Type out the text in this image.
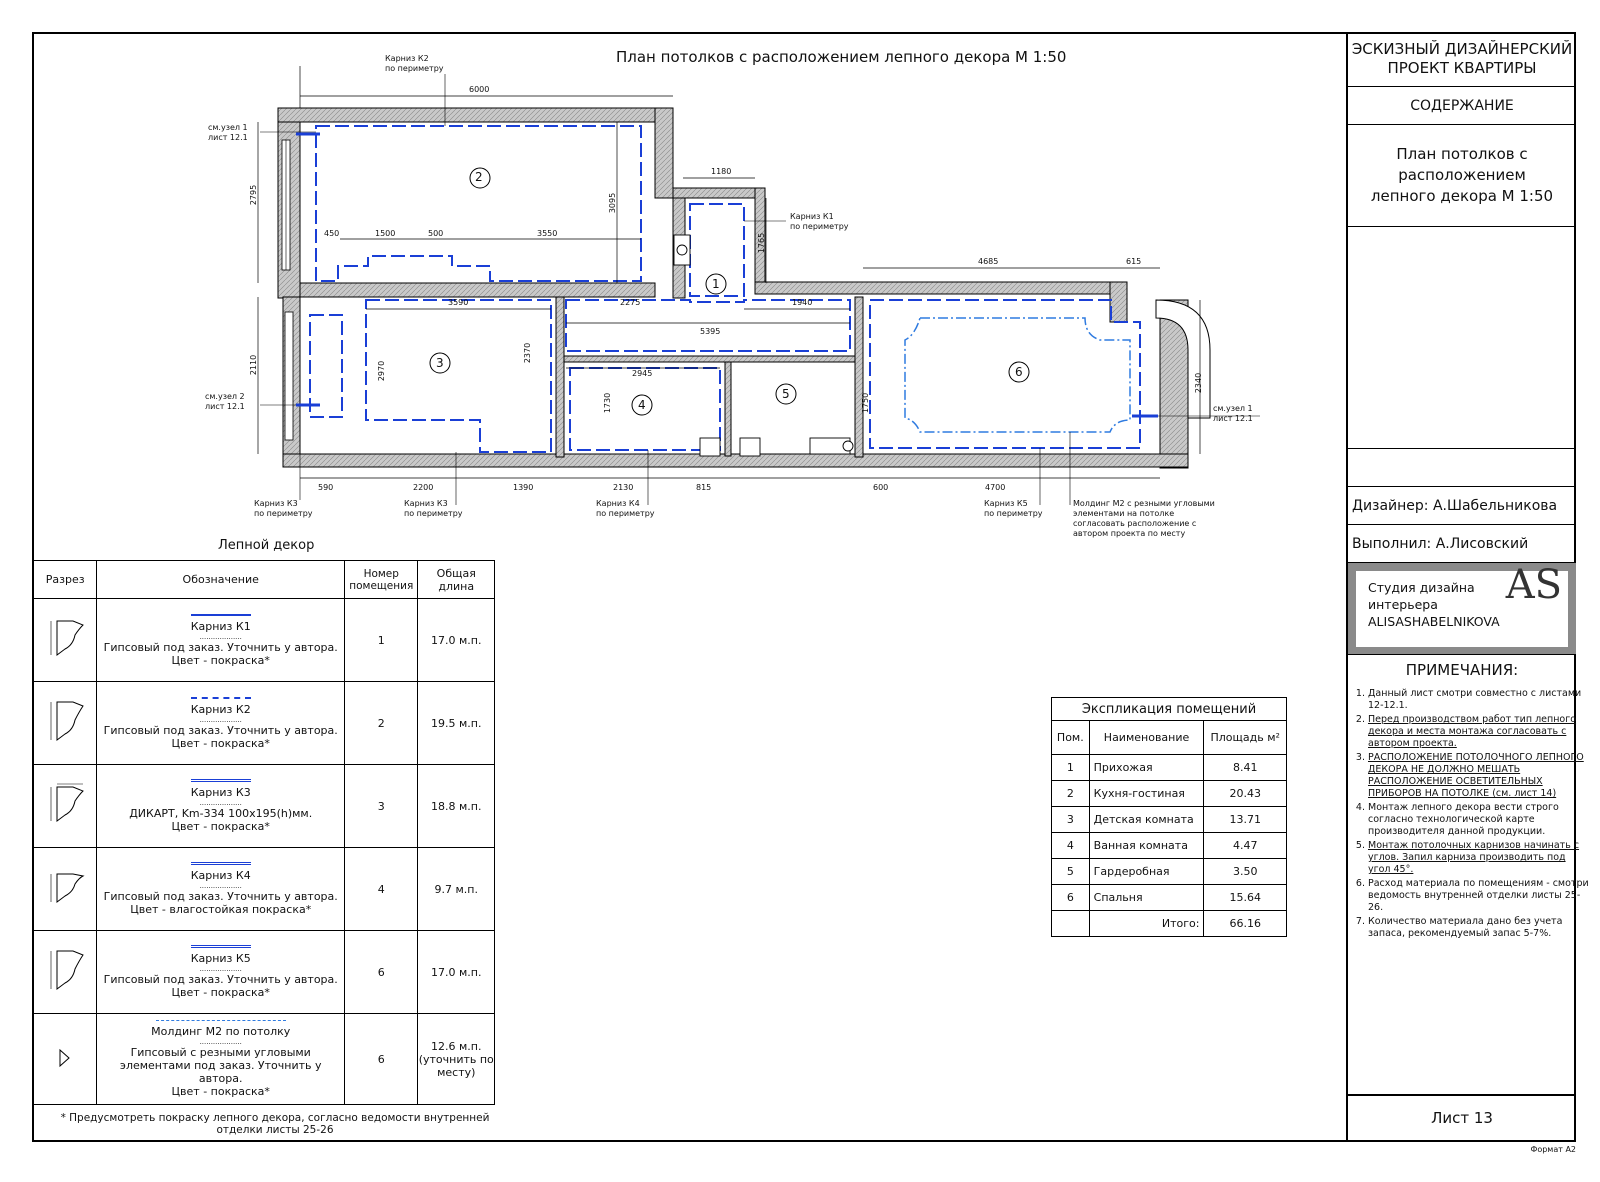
План потолков с расположением лепного декора М 1:50
2
1
3
4
5
6
6000
1180
4685	615
450	1500	500	3550
3590	2275	1940
5395
2945
2795	3095
1765
2110	2970
2370
1730	1750
2340
590	2200	1390	2130	815	600	4700
Карниз К2
по периметру
см.узел 1
лист 12.1
Карниз К1
по периметру
см.узел 2
лист 12.1	см.узел 1
лист 12.1
Карниз К3
по периметру
Карниз К3
по периметру
Карниз К4
по периметру
Карниз К5
по периметру
Молдинг М2 с резными угловыми
элементами на потолке
согласовать расположение с
автором проекта по месту
Лепной декор
Разрез	Обозначение	Номер помещения	Общая длина

Карниз К1
...................
Гипсовый под заказ. Уточнить у автора.
Цвет - покраска*	1	17.0 м.п.

Карниз К2
...................
Гипсовый под заказ. Уточнить у автора.
Цвет - покраска*	2	19.5 м.п.

Карниз К3
...................
ДИКАРТ, Km-334 100x195(h)мм.
Цвет - покраска*	3	18.8 м.п.

Карниз К4
...................
Гипсовый под заказ. Уточнить у автора.
Цвет - влагостойкая покраска*	4	9.7 м.п.

Карниз К5
...................
Гипсовый под заказ. Уточнить у автора.
Цвет - покраска*	6	17.0 м.п.

Молдинг М2 по потолку
...................
Гипсовый с резными угловыми элементами под заказ. Уточнить у автора.
Цвет - покраска*	6	12.6 м.п. (уточнить по месту)
* Предусмотреть покраску лепного декора, согласно ведомости внутренней отделки листы 25-26
Экспликация помещений		
Пом.	Наименование	Площадь м²
1	Прихожая	8.41
2	Кухня-гостиная	20.43
3	Детская комната	13.71
4	Ванная комната	4.47
5	Гардеробная	3.50
6	Спальня	15.64
	Итого:	66.16
ЭСКИЗНЫЙ ДИЗАЙНЕРСКИЙ ПРОЕКТ КВАРТИРЫ
СОДЕРЖАНИЕ
План потолков с расположением лепного декора М 1:50
Дизайнер: А.Шабельникова
Выполнил: А.Лисовский
Студия дизайна
интерьера
ALISASHABELNIKOVA
AS
ПРИМЕЧАНИЯ:
Лист 13
1. Данный лист смотри совместно с листами 12-12.1.
2. Перед производством работ тип лепного декора и места монтажа согласовать с автором проекта.
3. РАСПОЛОЖЕНИЕ ПОТОЛОЧНОГО ЛЕПНОГО ДЕКОРА НЕ ДОЛЖНО МЕШАТЬ РАСПОЛОЖЕНИЕ ОСВЕТИТЕЛЬНЫХ ПРИБОРОВ НА ПОТОЛКЕ (см. лист 14)
4. Монтаж лепного декора вести строго согласно технологической карте производителя данной продукции.
5. Монтаж потолочных карнизов начинать с углов. Запил карниза производить под угол 45°.
6. Расход материала по помещениям - смотри ведомость внутренней отделки листы 25-26.
7. Количество материала дано без учета запаса, рекомендуемый запас 5-7%.
Формат А2
